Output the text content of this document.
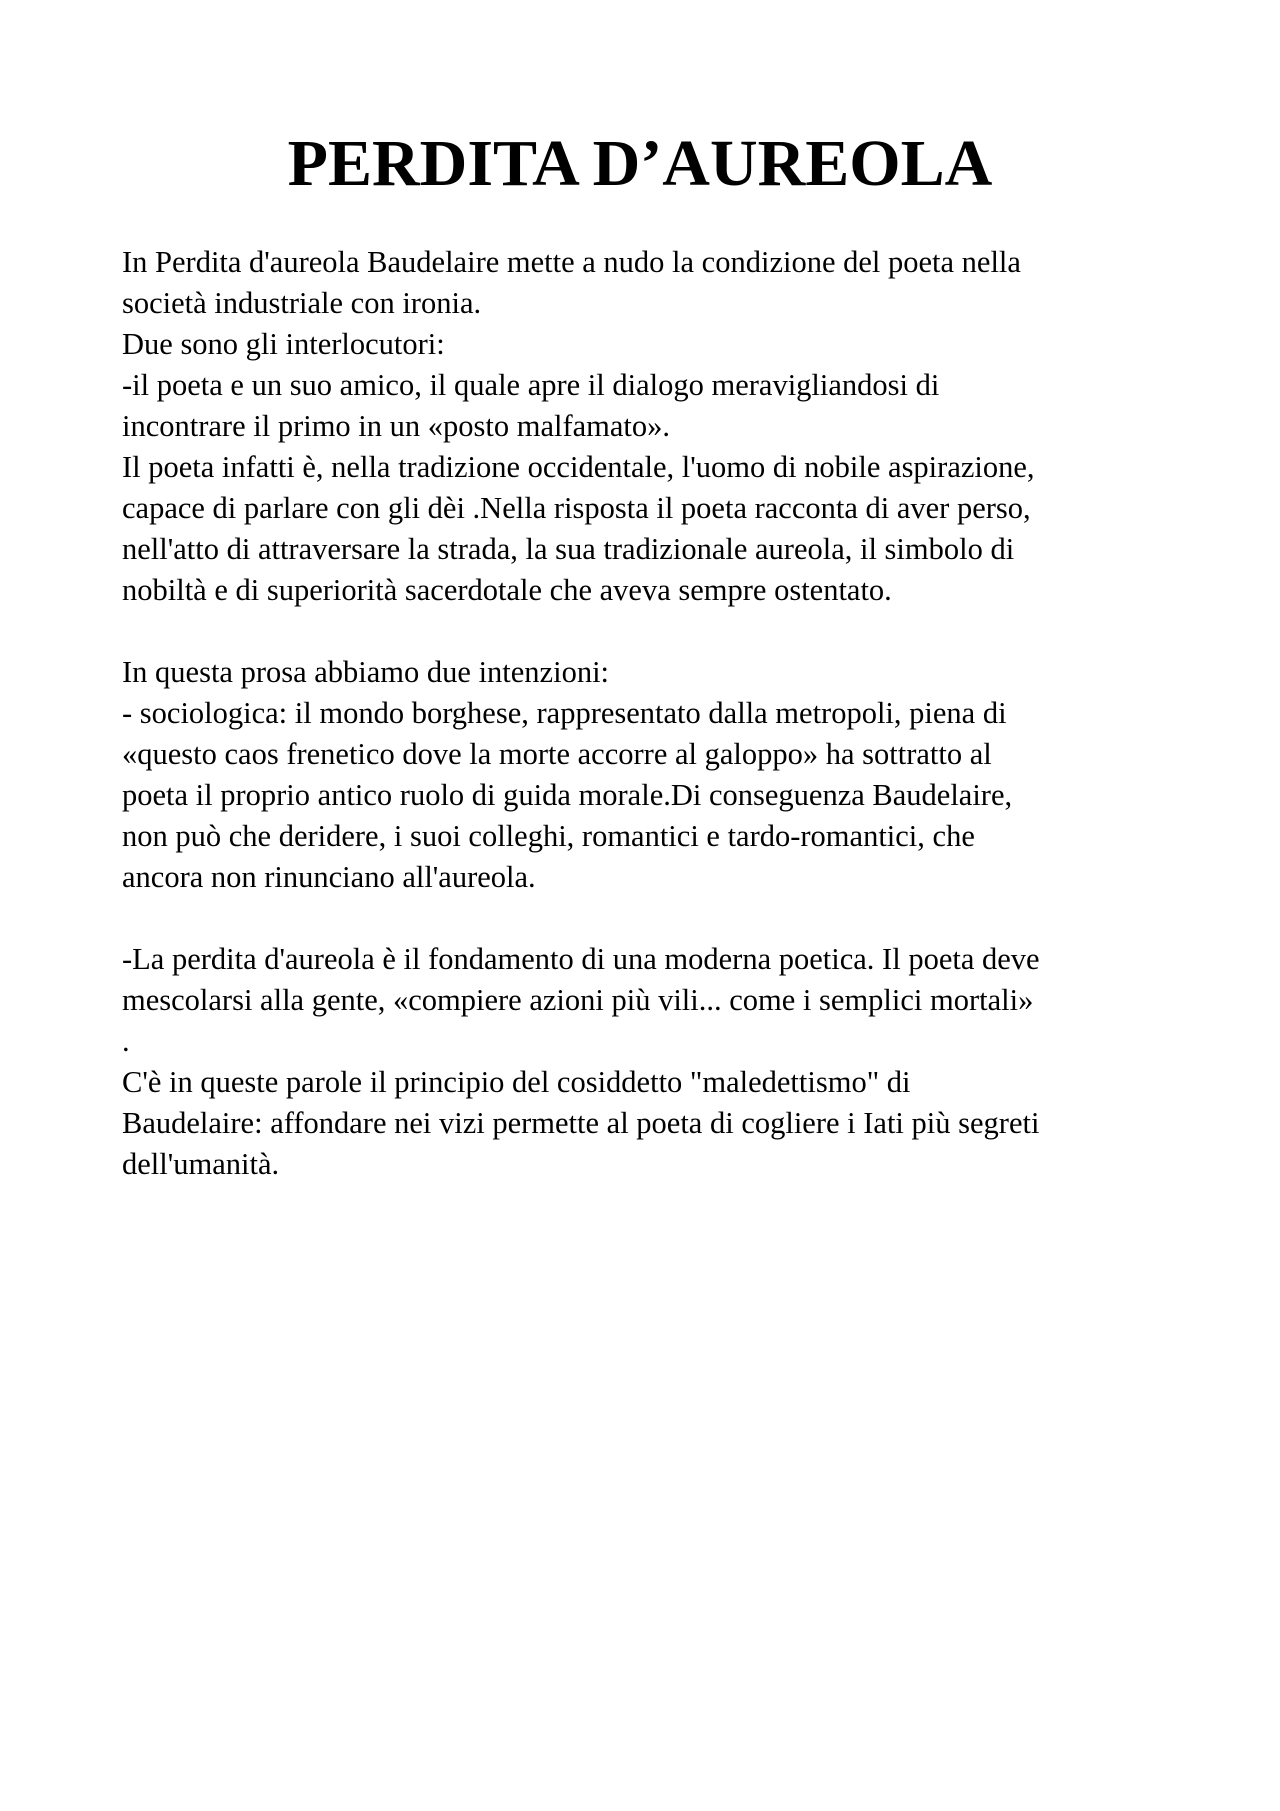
PERDITA D’AUREOLA
In Perdita d'aureola Baudelaire mette a nudo la condizione del poeta nella
società industriale con ironia.
Due sono gli interlocutori:
-il poeta e un suo amico, il quale apre il dialogo meravigliandosi di
incontrare il primo in un «posto malfamato».
Il poeta infatti è, nella tradizione occidentale, l'uomo di nobile aspirazione,
capace di parlare con gli dèi .Nella risposta il poeta racconta di aver perso,
nell'atto di attraversare la strada, la sua tradizionale aureola, il simbolo di
nobiltà e di superiorità sacerdotale che aveva sempre ostentato.
In questa prosa abbiamo due intenzioni:
- sociologica: il mondo borghese, rappresentato dalla metropoli, piena di
«questo caos frenetico dove la morte accorre al galoppo» ha sottratto al
poeta il proprio antico ruolo di guida morale.Di conseguenza Baudelaire,
non può che deridere, i suoi colleghi, romantici e tardo-romantici, che
ancora non rinunciano all'aureola.
-La perdita d'aureola è il fondamento di una moderna poetica. Il poeta deve
mescolarsi alla gente, «compiere azioni più vili... come i semplici mortali»
.
C'è in queste parole il principio del cosiddetto "maledettismo" di
Baudelaire: affondare nei vizi permette al poeta di cogliere i Iati più segreti
dell'umanità.
